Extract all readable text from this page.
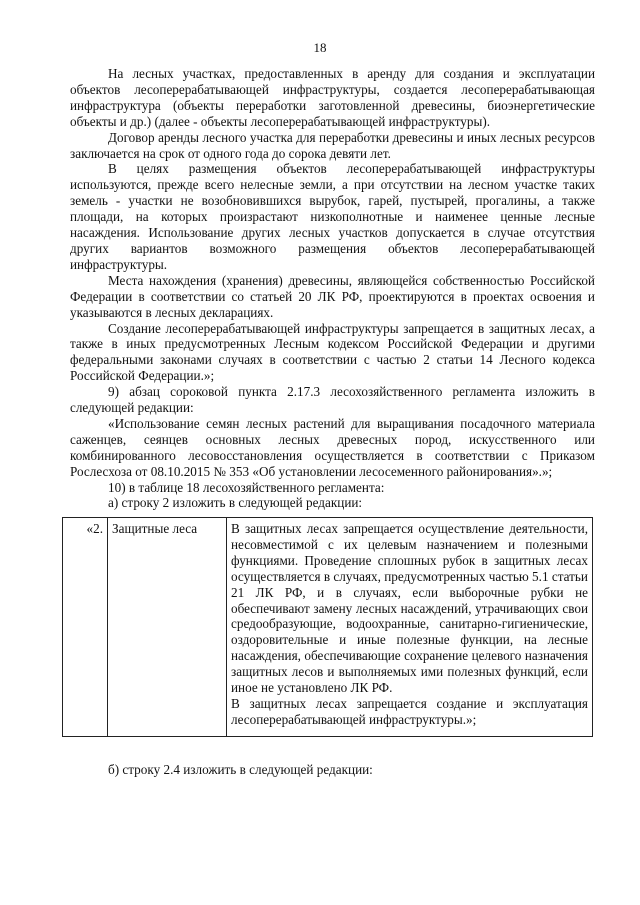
18

На лесных участках, предоставленных в аренду для создания и эксплуатации объектов лесоперерабатывающей инфраструктуры, создается лесоперерабатывающая инфраструктура (объекты переработки заготовленной древесины, биоэнергетические объекты и др.) (далее - объекты лесоперерабатывающей инфраструктуры).

Договор аренды лесного участка для переработки древесины и иных лесных ресурсов заключается на срок от одного года до сорока девяти лет.

В целях размещения объектов лесоперерабатывающей инфраструктуры используются, прежде всего нелесные земли, а при отсутствии на лесном участке таких земель - участки не возобновившихся вырубок, гарей, пустырей, прогалины, а также площади, на которых произрастают низкополнотные и наименее ценные лесные насаждения. Использование других лесных участков допускается в случае отсутствия других вариантов возможного размещения объектов лесоперерабатывающей инфраструктуры.

Места нахождения (хранения) древесины, являющейся собственностью Российской Федерации в соответствии со статьей 20 ЛК РФ, проектируются в проектах освоения и указываются в лесных декларациях.

Создание лесоперерабатывающей инфраструктуры запрещается в защитных лесах, а также в иных предусмотренных Лесным кодексом Российской Федерации и другими федеральными законами случаях в соответствии с частью 2 статьи 14 Лесного кодекса Российской Федерации.»;

9) абзац сороковой пункта 2.17.3 лесохозяйственного регламента изложить в следующей редакции:

«Использование семян лесных растений для выращивания посадочного материала саженцев, сеянцев основных лесных древесных пород, искусственного или комбинированного лесовосстановления осуществляется в соответствии с Приказом Рослесхоза от 08.10.2015 № 353 «Об установлении лесосеменного районирования».»;

10) в таблице 18 лесохозяйственного регламента:

а) строку 2 изложить в следующей редакции:

«2.	Защитные леса	В защитных лесах запрещается осуществление деятельности, несовместимой с их целевым назначением и полезными функциями. Проведение сплошных рубок в защитных лесах осуществляется в случаях, предусмотренных частью 5.1 статьи 21 ЛК РФ, и в случаях, если выборочные рубки не обеспечивают замену лесных насаждений, утрачивающих свои средообразующие, водоохранные, санитарно-гигиенические, оздоровительные и иные полезные функции, на лесные насаждения, обеспечивающие сохранение целевого назначения защитных лесов и выполняемых ими полезных функций, если иное не установлено ЛК РФ.

В защитных лесах запрещается создание и эксплуатация лесоперерабатывающей инфраструктуры.»;

б) строку 2.4 изложить в следующей редакции:
